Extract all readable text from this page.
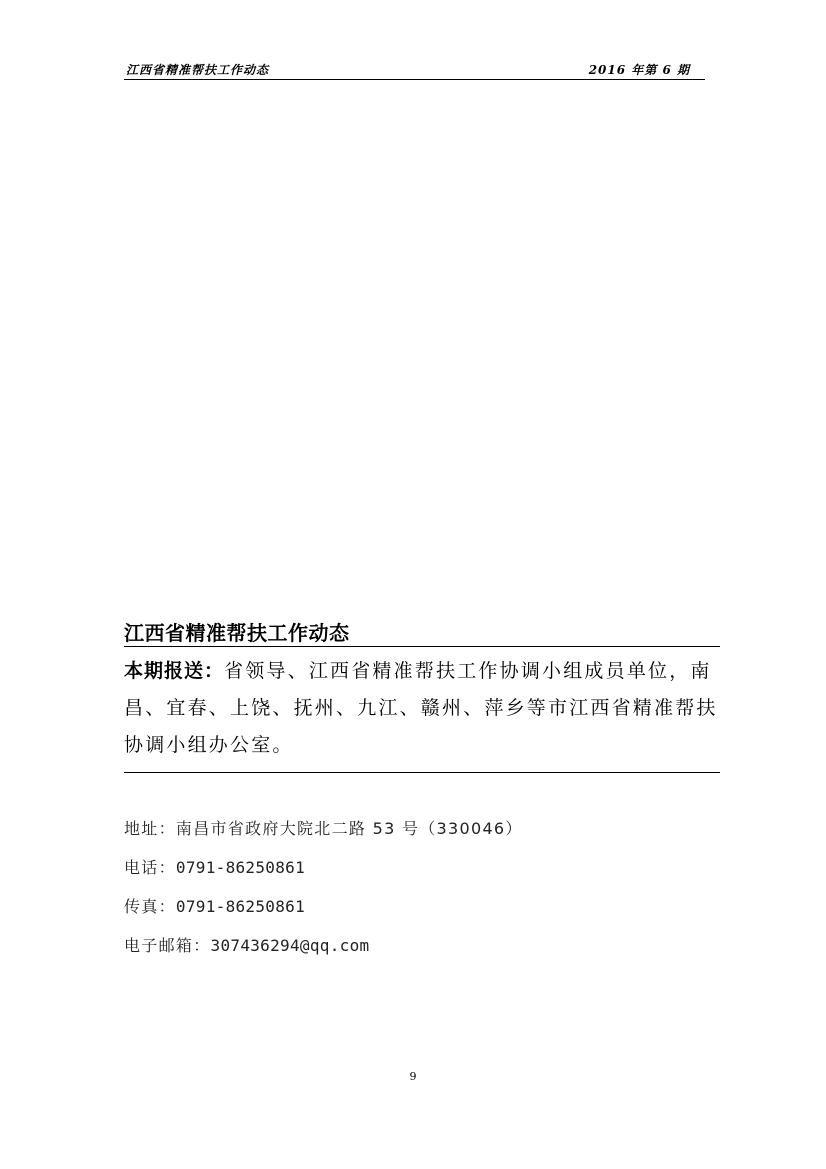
江西省精准帮扶工作动态	2016 年第 6 期
江西省精准帮扶工作动态
本期报送：省领导、江西省精准帮扶工作协调小组成员单位，南昌、宜春、上饶、抚州、九江、赣州、萍乡等市江西省精准帮扶协调小组办公室。
地址：南昌市省政府大院北二路 53 号（330046）
电话：0791-86250861
传真：0791-86250861
电子邮箱：307436294@qq.com
9
